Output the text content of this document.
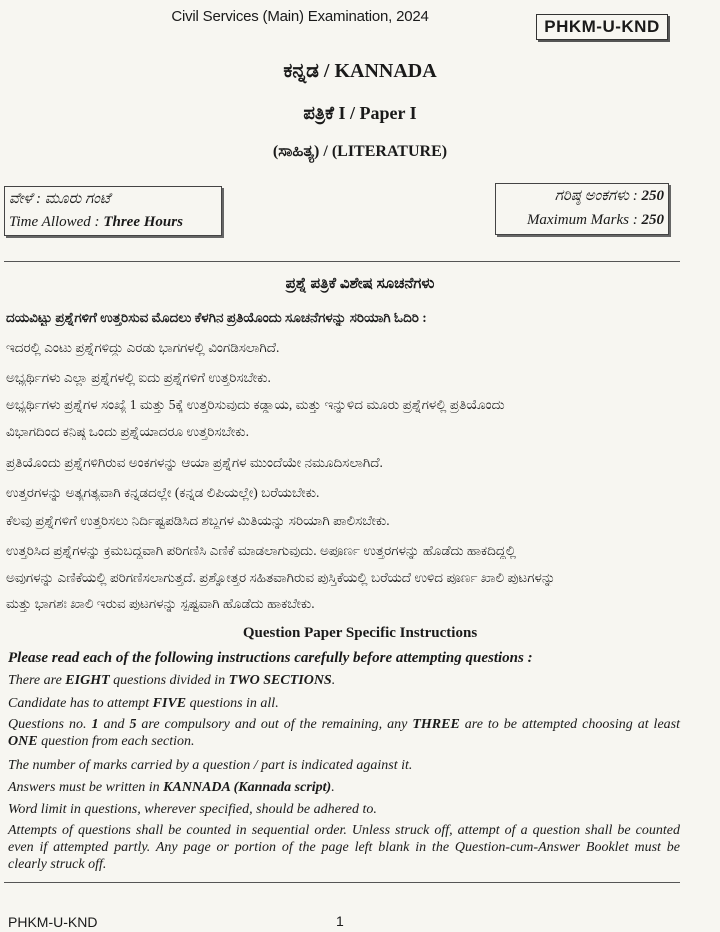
Civil Services (Main) Examination, 2024
PHKM-U-KND
ಕನ್ನಡ / KANNADA
ಪತ್ರಿಕೆ I / Paper I
(ಸಾಹಿತ್ಯ) / (LITERATURE)
ವೇಳೆ : ಮೂರು ಗಂಟೆ
Time Allowed : Three Hours
ಗರಿಷ್ಠ ಅಂಕಗಳು : 250
Maximum Marks : 250
ಪ್ರಶ್ನೆ ಪತ್ರಿಕೆ ವಿಶೇಷ ಸೂಚನೆಗಳು
ದಯವಿಟ್ಟು ಪ್ರಶ್ನೆಗಳಿಗೆ ಉತ್ತರಿಸುವ ಮೊದಲು ಕೆಳಗಿನ ಪ್ರತಿಯೊಂದು ಸೂಚನೆಗಳನ್ನು ಸರಿಯಾಗಿ ಓದಿರಿ :
ಇದರಲ್ಲಿ ಎಂಟು ಪ್ರಶ್ನೆಗಳಿದ್ದು ಎರಡು ಭಾಗಗಳಲ್ಲಿ ವಿಂಗಡಿಸಲಾಗಿದೆ.
ಅಭ್ಯರ್ಥಿಗಳು ಎಲ್ಲಾ ಪ್ರಶ್ನೆಗಳಲ್ಲಿ ಐದು ಪ್ರಶ್ನೆಗಳಿಗೆ ಉತ್ತರಿಸಬೇಕು.
ಅಭ್ಯರ್ಥಿಗಳು ಪ್ರಶ್ನೆಗಳ ಸಂಖ್ಯೆ 1 ಮತ್ತು 5ಕ್ಕೆ ಉತ್ತರಿಸುವುದು ಕಡ್ಡಾಯ, ಮತ್ತು ಇನ್ನುಳಿದ ಮೂರು ಪ್ರಶ್ನೆಗಳಲ್ಲಿ ಪ್ರತಿಯೊಂದು
ವಿಭಾಗದಿಂದ ಕನಿಷ್ಠ ಒಂದು ಪ್ರಶ್ನೆಯಾದರೂ ಉತ್ತರಿಸಬೇಕು.
ಪ್ರತಿಯೊಂದು ಪ್ರಶ್ನೆಗಳಿಗಿರುವ ಅಂಕಗಳನ್ನು ಆಯಾ ಪ್ರಶ್ನೆಗಳ ಮುಂದೆಯೇ ನಮೂದಿಸಲಾಗಿದೆ.
ಉತ್ತರಗಳನ್ನು ಅತ್ಯಗತ್ಯವಾಗಿ ಕನ್ನಡದಲ್ಲೇ (ಕನ್ನಡ ಲಿಪಿಯಲ್ಲೇ) ಬರೆಯಬೇಕು.
ಕೆಲವು ಪ್ರಶ್ನೆಗಳಿಗೆ ಉತ್ತರಿಸಲು ನಿರ್ದಿಷ್ಟಪಡಿಸಿದ ಶಬ್ದಗಳ ಮಿತಿಯನ್ನು ಸರಿಯಾಗಿ ಪಾಲಿಸಬೇಕು.
ಉತ್ತರಿಸಿದ ಪ್ರಶ್ನೆಗಳನ್ನು ಕ್ರಮಬದ್ಧವಾಗಿ ಪರಿಗಣಿಸಿ ಎಣಿಕೆ ಮಾಡಲಾಗುವುದು. ಅಪೂರ್ಣ ಉತ್ತರಗಳನ್ನು ಹೊಡೆದು ಹಾಕದಿದ್ದಲ್ಲಿ
ಅವುಗಳನ್ನು ಎಣಿಕೆಯಲ್ಲಿ ಪರಿಗಣಿಸಲಾಗುತ್ತದೆ. ಪ್ರಶ್ನೋತ್ತರ ಸಹಿತವಾಗಿರುವ ಪುಸ್ತಿಕೆಯಲ್ಲಿ ಬರೆಯದೆ ಉಳಿದ ಪೂರ್ಣ ಖಾಲಿ ಪುಟಗಳನ್ನು
ಮತ್ತು ಭಾಗಶಃ ಖಾಲಿ ಇರುವ ಪುಟಗಳನ್ನು ಸ್ಪಷ್ಟವಾಗಿ ಹೊಡೆದು ಹಾಕಬೇಕು.
Question Paper Specific Instructions
Please read each of the following instructions carefully before attempting questions :
There are EIGHT questions divided in TWO SECTIONS.
Candidate has to attempt FIVE questions in all.
Questions no. 1 and 5 are compulsory and out of the remaining, any THREE are to be attempted choosing at least ONE question from each section.
The number of marks carried by a question / part is indicated against it.
Answers must be written in KANNADA (Kannada script).
Word limit in questions, wherever specified, should be adhered to.
Attempts of questions shall be counted in sequential order. Unless struck off, attempt of a question shall be counted even if attempted partly. Any page or portion of the page left blank in the Question-cum-Answer Booklet must be clearly struck off.
PHKM-U-KND	1
